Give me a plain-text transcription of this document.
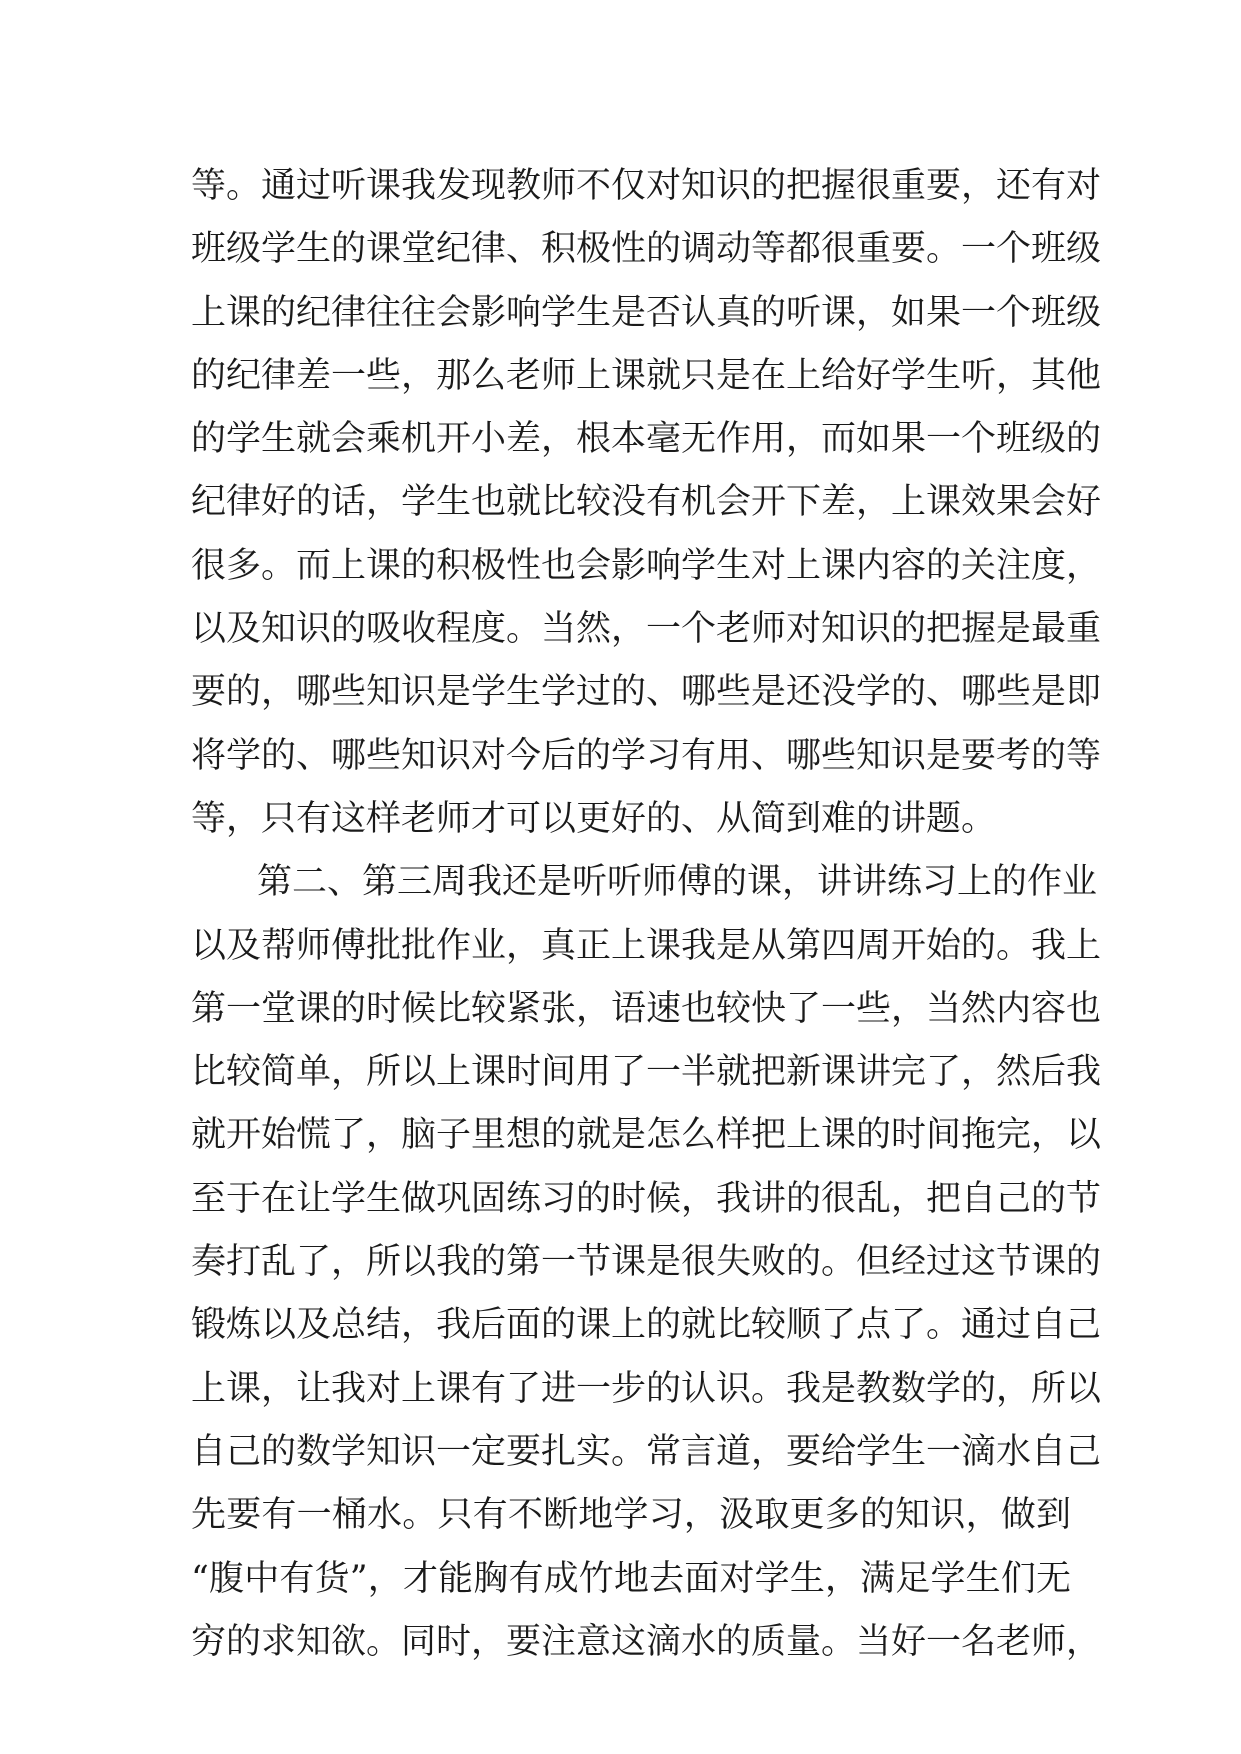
等。通过听课我发现教师不仅对知识的把握很重要，还有对
班级学生的课堂纪律、积极性的调动等都很重要。一个班级
上课的纪律往往会影响学生是否认真的听课，如果一个班级
的纪律差一些，那么老师上课就只是在上给好学生听，其他
的学生就会乘机开小差，根本毫无作用，而如果一个班级的
纪律好的话，学生也就比较没有机会开下差，上课效果会好
很多。而上课的积极性也会影响学生对上课内容的关注度，
以及知识的吸收程度。当然，一个老师对知识的把握是最重
要的，哪些知识是学生学过的、哪些是还没学的、哪些是即
将学的、哪些知识对今后的学习有用、哪些知识是要考的等
等，只有这样老师才可以更好的、从简到难的讲题。
第二、第三周我还是听听师傅的课，讲讲练习上的作业
以及帮师傅批批作业，真正上课我是从第四周开始的。我上
第一堂课的时候比较紧张，语速也较快了一些，当然内容也
比较简单，所以上课时间用了一半就把新课讲完了，然后我
就开始慌了，脑子里想的就是怎么样把上课的时间拖完，以
至于在让学生做巩固练习的时候，我讲的很乱，把自己的节
奏打乱了，所以我的第一节课是很失败的。但经过这节课的
锻炼以及总结，我后面的课上的就比较顺了点了。通过自己
上课，让我对上课有了进一步的认识。我是教数学的，所以
自己的数学知识一定要扎实。常言道，要给学生一滴水自己
先要有一桶水。只有不断地学习，汲取更多的知识，做到
“腹中有货”，才能胸有成竹地去面对学生，满足学生们无
穷的求知欲。同时，要注意这滴水的质量。当好一名老师，
